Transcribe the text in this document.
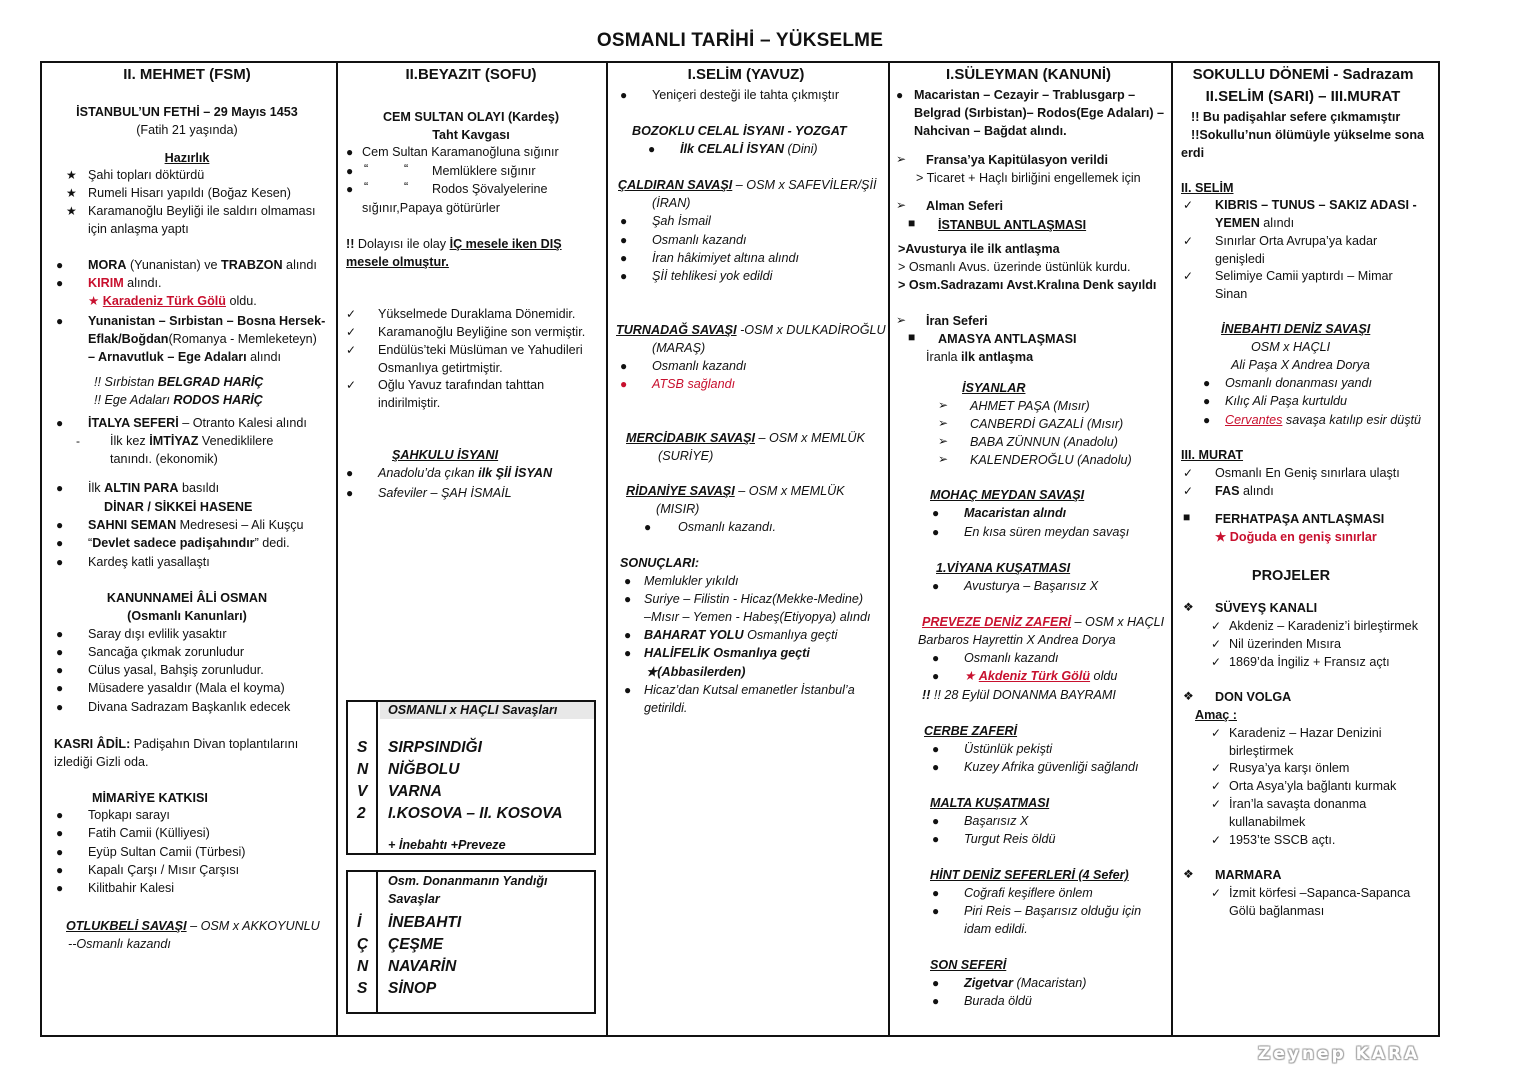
OSMANLI TARİHİ – YÜKSELME
II. MEHMET (FSM)
İSTANBUL’UN FETHİ – 29 Mayıs 1453
(Fatih 21 yaşında)
Hazırlık
★ Şahi topları döktürdü
★ Rumeli Hisarı yapıldı (Boğaz Kesen)
★ Karamanoğlu Beyliği ile saldırı olmaması
için anlaşma yaptı
● MORA (Yunanistan) ve TRABZON alındı
● KIRIM alındı.
★ Karadeniz Türk Gölü oldu.
● Yunanistan – Sırbistan – Bosna Hersek-
Eflak/Boğdan(Romanya - Memleketeyn)
– Arnavutluk – Ege Adaları alındı
!! Sırbistan BELGRAD HARİÇ
!! Ege Adaları RODOS HARİÇ
● İTALYA SEFERİ – Otranto Kalesi alındı
- İlk kez İMTİYAZ Venediklilere
tanındı. (ekonomik)
● İlk ALTIN PARA basıldı
DİNAR / SİKKEİ HASENE
● SAHNI SEMAN Medresesi – Ali Kuşçu
● “Devlet sadece padişahındır” dedi.
● Kardeş katli yasallaştı
KANUNNAMEİ ÂLİ OSMAN
(Osmanlı Kanunları)
● Saray dışı evlilik yasaktır
● Sancağa çıkmak zorunludur
● Cülus yasal, Bahşiş zorunludur.
● Müsadere yasaldır (Mala el koyma)
● Divana Sadrazam Başkanlık edecek
KASRI ÂDİL: Padişahın Divan toplantılarını
izlediği Gizli oda.
MİMARİYE KATKISI
● Topkapı sarayı
● Fatih Camii (Külliyesi)
● Eyüp Sultan Camii (Türbesi)
● Kapalı Çarşı / Mısır Çarşısı
● Kilitbahir Kalesi
OTLUKBELİ SAVAŞI – OSM x AKKOYUNLU
--Osmanlı kazandı
II.BEYAZIT (SOFU)
CEM SULTAN OLAYI (Kardeş)
Taht Kavgası
● Cem Sultan Karamanoğluna sığınır
● “	“ Memlüklere sığınır
● “	“ Rodos Şövalyelerine
sığınır,Papaya götürürler
!! Dolayısı ile olay İÇ mesele iken DIŞ
mesele olmuştur.
✓ Yükselmede Duraklama Dönemidir.
✓ Karamanoğlu Beyliğine son vermiştir.
✓ Endülüs’teki Müslüman ve Yahudileri
Osmanlıya getirtmiştir.
✓ Oğlu Yavuz tarafından tahttan
indirilmiştir.
ŞAHKULU İSYANI
● Anadolu’da çıkan ilk Şİİ İSYAN
● Safeviler – ŞAH İSMAİL
OSMANLI x HAÇLI Savaşları
S
N
V
2
SIRPSINDIĞI
NİĞBOLU
VARNA
I.KOSOVA – II. KOSOVA
+ İnebahtı +Preveze
Osm. Donanmanın Yandığı
Savaşlar
İ
Ç
N
S
İNEBAHTI
ÇEŞME
NAVARİN
SİNOP
I.SELİM (YAVUZ)
● Yeniçeri desteği ile tahta çıkmıştır
BOZOKLU CELAL İSYANI - YOZGAT
● İlk CELALİ İSYAN (Dini)
ÇALDIRAN SAVAŞI – OSM x SAFEVİLER/Şİİ
(İRAN)
● Şah İsmail
● Osmanlı kazandı
● İran hâkimiyet altına alındı
● Şİİ tehlikesi yok edildi
TURNADAĞ SAVAŞI -OSM x DULKADİROĞLU
(MARAŞ)
● Osmanlı kazandı
● ATSB sağlandı
MERCİDABIK SAVAŞI – OSM x MEMLÜK
(SURİYE)
RİDANİYE SAVAŞI – OSM x MEMLÜK
(MISIR)
● Osmanlı kazandı.
SONUÇLARI:
● Memlukler yıkıldı
● Suriye – Filistin - Hicaz(Mekke-Medine)
–Mısır – Yemen - Habeş(Etiyopya) alındı
● BAHARAT YOLU Osmanlıya geçti
● HALİFELİK Osmanlıya geçti
★(Abbasilerden)
● Hicaz’dan Kutsal emanetler İstanbul’a
getirildi.
I.SÜLEYMAN (KANUNİ)
● Macaristan – Cezayir – Trablusgarp –
Belgrad (Sırbistan)– Rodos(Ege Adaları) –
Nahcivan – Bağdat alındı.
➢ Fransa’ya Kapitülasyon verildi
> Ticaret + Haçlı birliğini engellemek için
➢ Alman Seferi
■ İSTANBUL ANTLAŞMASI
>Avusturya ile ilk antlaşma
> Osmanlı Avus. üzerinde üstünlük kurdu.
> Osm.Sadrazamı Avst.Kralına Denk sayıldı
➢ İran Seferi
■ AMASYA ANTLAŞMASI
İranla ilk antlaşma
İSYANLAR
➢ AHMET PAŞA (Mısır)
➢ CANBERDİ GAZALİ (Mısır)
➢ BABA ZÜNNUN (Anadolu)
➢ KALENDEROĞLU (Anadolu)
MOHAÇ MEYDAN SAVAŞI
● Macaristan alındı
● En kısa süren meydan savaşı
1.VİYANA KUŞATMASI
● Avusturya – Başarısız X
PREVEZE DENİZ ZAFERİ – OSM x HAÇLI
Barbaros Hayrettin X Andrea Dorya
● Osmanlı kazandı
● ★ Akdeniz Türk Gölü oldu
!! !! 28 Eylül DONANMA BAYRAMI
CERBE ZAFERİ
● Üstünlük pekişti
● Kuzey Afrika güvenliği sağlandı
MALTA KUŞATMASI
● Başarısız X
● Turgut Reis öldü
HİNT DENİZ SEFERLERİ (4 Sefer)
● Coğrafi keşiflere önlem
● Piri Reis – Başarısız olduğu için
idam edildi.
SON SEFERİ
● Zigetvar (Macaristan)
● Burada öldü
SOKULLU DÖNEMİ - Sadrazam
II.SELİM (SARI) – III.MURAT
!! Bu padişahlar sefere çıkmamıştır
!!Sokullu’nun ölümüyle yükselme sona
erdi
II. SELİM
✓ KIBRIS – TUNUS – SAKIZ ADASI -
YEMEN alındı
✓ Sınırlar Orta Avrupa’ya kadar
genişledi
✓ Selimiye Camii yaptırdı – Mimar
Sinan
İNEBAHTI DENİZ SAVAŞI
OSM x HAÇLI
Ali Paşa X Andrea Dorya
● Osmanlı donanması yandı
● Kılıç Ali Paşa kurtuldu
● Cervantes savaşa katılıp esir düştü
III. MURAT
✓ Osmanlı En Geniş sınırlara ulaştı
✓ FAS alındı
■ FERHATPAŞA ANTLAŞMASI
★ Doğuda en geniş sınırlar
PROJELER
❖ SÜVEYŞ KANALI
✓ Akdeniz – Karadeniz’i birleştirmek
✓ Nil üzerinden Mısıra
✓ 1869’da İngiliz + Fransız açtı
❖ DON VOLGA
Amaç :
✓ Karadeniz – Hazar Denizini
birleştirmek
✓ Rusya’ya karşı önlem
✓ Orta Asya’yla bağlantı kurmak
✓ İran’la savaşta donanma
kullanabilmek
✓ 1953’te SSCB açtı.
❖ MARMARA
✓ İzmit körfesi –Sapanca-Sapanca
Gölü bağlanması
Zeynep KARA
